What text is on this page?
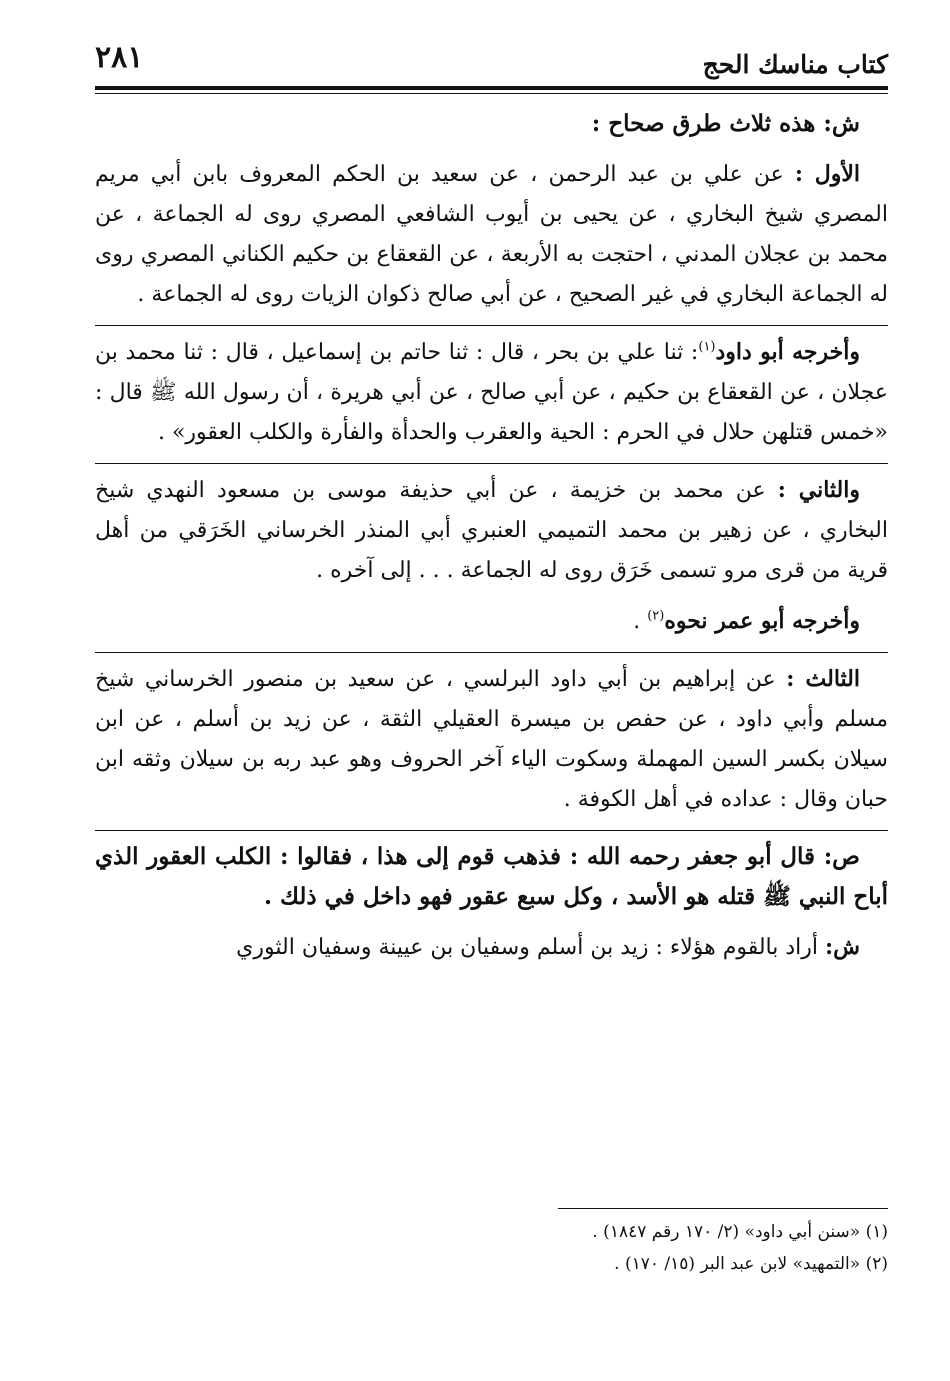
كتاب مناسك الحج
٢٨١

ش: هذه ثلاث طرق صحاح :

الأول : عن علي بن عبد الرحمن ، عن سعيد بن الحكم المعروف بابن أبي مريم المصري شيخ البخاري ، عن يحيى بن أيوب الشافعي المصري روى له الجماعة ، عن محمد بن عجلان المدني ، احتجت به الأربعة ، عن القعقاع بن حكيم الكناني المصري روى له الجماعة البخاري في غير الصحيح ، عن أبي صالح ذكوان الزيات روى له الجماعة .

وأخرجه أبو داود$^{(١)}$: ثنا علي بن بحر ، قال : ثنا حاتم بن إسماعيل ، قال : ثنا محمد بن عجلان ، عن القعقاع بن حكيم ، عن أبي صالح ، عن أبي هريرة ، أن رسول الله ﷺ قال : «خمس قتلهن حلال في الحرم : الحية والعقرب والحدأة والفأرة والكلب العقور» .

والثاني : عن محمد بن خزيمة ، عن أبي حذيفة موسى بن مسعود النهدي شيخ البخاري ، عن زهير بن محمد التميمي العنبري أبي المنذر الخرساني الخَرَقي من أهل قرية من قرى مرو تسمى خَرَق روى له الجماعة . . . إلى آخره .

وأخرجه أبو عمر نحوه$^{(٢)}$ .

الثالث : عن إبراهيم بن أبي داود البرلسي ، عن سعيد بن منصور الخرساني شيخ مسلم وأبي داود ، عن حفص بن ميسرة العقيلي الثقة ، عن زيد بن أسلم ، عن ابن سيلان بكسر السين المهملة وسكوت الياء آخر الحروف وهو عبد ربه بن سيلان وثقه ابن حبان وقال : عداده في أهل الكوفة .

ص: قال أبو جعفر رحمه الله : فذهب قوم إلى هذا ، فقالوا : الكلب العقور الذي أباح النبي ﷺ قتله هو الأسد ، وكل سبع عقور فهو داخل في ذلك .

ش: أراد بالقوم هؤلاء : زيد بن أسلم وسفيان بن عيينة وسفيان الثوري

(١) «سنن أبي داود» (٢/ ١٧٠ رقم ١٨٤٧) .

(٢) «التمهيد» لابن عبد البر (١٥/ ١٧٠) .
